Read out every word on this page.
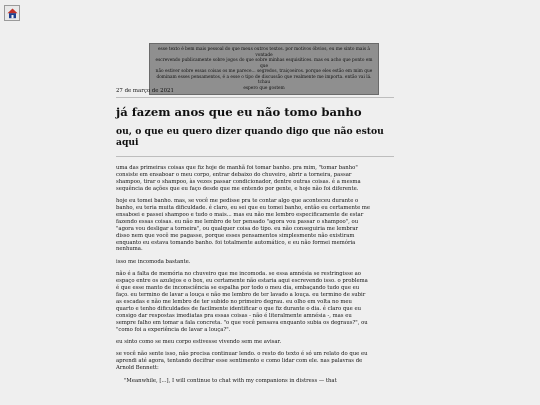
esse texto é bem mais pessoal do que meus outros textos. por motivos óbvios, eu me sinto mais à vontade
escrevendo publicamente sobre jogos do que sobre minhas esquisitices. mas eu acho que ponto em que
não estiver sobre essas coisas os me parece... segredos, traiçoeiros. porque eles estão em mim que
dominam esses pensamentos, é a esse o tipo de discussão que realmente me importa. então vai lá. tchau
espero que gostem
27 de março de 2021
já fazem anos que eu não tomo banho
ou, o que eu quero dizer quando digo que não estou aqui

uma das primeiras coisas que fiz hoje de manhã foi tomar banho. pra mim, "tomar banho"
consiste em ensaboar o meu corpo, entrar debaixo do chuveiro, abrir a torneira, passar
shampoo, tirar o shampoo, às vezes passar condicionador, dentre outras coisas. é a mesma
sequência de ações que eu faço desde que me entendo por gente, e hoje não foi diferente.

hoje eu tomei banho. mas, se você me pedisse pra te contar algo que aconteceu durante o
banho, eu teria muita dificuldade. é claro, eu sei que eu tomei banho, então eu certamente me
ensaboei e passei shampoo e tudo o mais... mas eu não me lembro especificamente de estar
fazendo essas coisas. eu não me lembro de ter pensado "agora vou passar o shampoo", ou
"agora vou desligar a torneira", ou qualquer coisa do tipo. eu não conseguiria me lembrar
disso nem que você me pagasse, porque esses pensamentos simplesmente não existiram
enquanto eu estava tomando banho. foi totalmente automático, e eu não formei memória
nenhuma.

isso me incomoda bastante.

não é a falta de memória no chuveiro que me incomoda. se essa amnésia se restringisse ao
espaço entre os azulejos e o box, eu certamente não estaria aqui escrevendo isso. o problema
é que esse manto de inconsciência se espalha por todo o meu dia, embaçando tudo que eu
faço. eu termino de lavar a louça e não me lembro de ter lavado a louça. eu termino de subir
as escadas e não me lembro de ter subido no primeiro degrau. eu olho em volta no meu
quarto e tenho dificuldades de facilmente identificar o que fiz durante o dia. é claro que eu
consigo dar respostas imediatas pra essas coisas - não é literalmente amnésia -, mas eu
sempre falho em tomar a fala concreta. "o que você pensava enquanto subia os degraus?", ou
"como foi a experiência de lavar a louça?".

eu sinto como se meu corpo estivesse vivendo sem me avisar.

se você não sente isso, não precisa continuar lendo. o resto do texto é só um relato do que eu
aprendi até agora, tentando decifrar esse sentimento e como lidar com ele. nas palavras de
Arnold Bennett:

"Meanwhile, [...], I will continue to chat with my companions in distress — that
